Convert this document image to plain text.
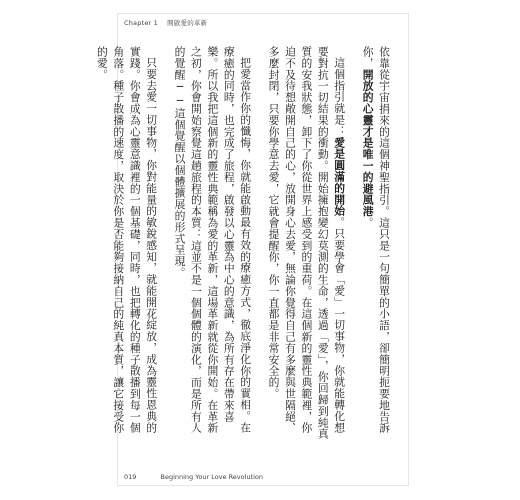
Chapter 1 開啟愛的革新

依靠從宇宙捐來的這個神聖指引。這只是一句簡單的小語，卻簡明扼要地告訴你，開放的心靈才是唯一的避風港。

這個指引就是：愛是圓滿的開始。只要學會「愛」一切事物，你就能轉化想要對抗一切結果的衝動。開始擁抱變幻莫測的生命，透過「愛」，你回歸到純真質的安我狀態，卸下了你從世界上感受到的重荷。在這個新的靈性典範裡，你迫不及待想敞開自己的心，放開身心去愛，無論你覺得自己有多麼與世隔絕、多麼封閉，只要你學意去愛，它就會提醒你，你一直都是非常安全的。

把愛當作你的懺悔，你就能啟動最有效的療癒方式，徹底淨化你的實相。在療癒的同時，也完成了旅程，啟發以心靈為中心的意識，為所有存在帶來喜樂。所以我把這個新的靈性典範稱為愛的革新，這場革新就從你開始。在革新之初，你會開始察覺這趟旅程的本質：這並不是一個個體的演化，而是所有人的覺醒──這個覺醒以個體擴展的形式呈現。

只要去愛一切事物，你對能量的敏銳感知，就能開花綻放，成為靈性恩典的實踐。你會成為心靈意識裡的一個基礎，同時，也把轉化的種子散播到每一個角落。種子散播的速度，取決於你是否能夠接納自己的純真本質，讓它接受你的愛。

019	Beginning Your Love Revolution
